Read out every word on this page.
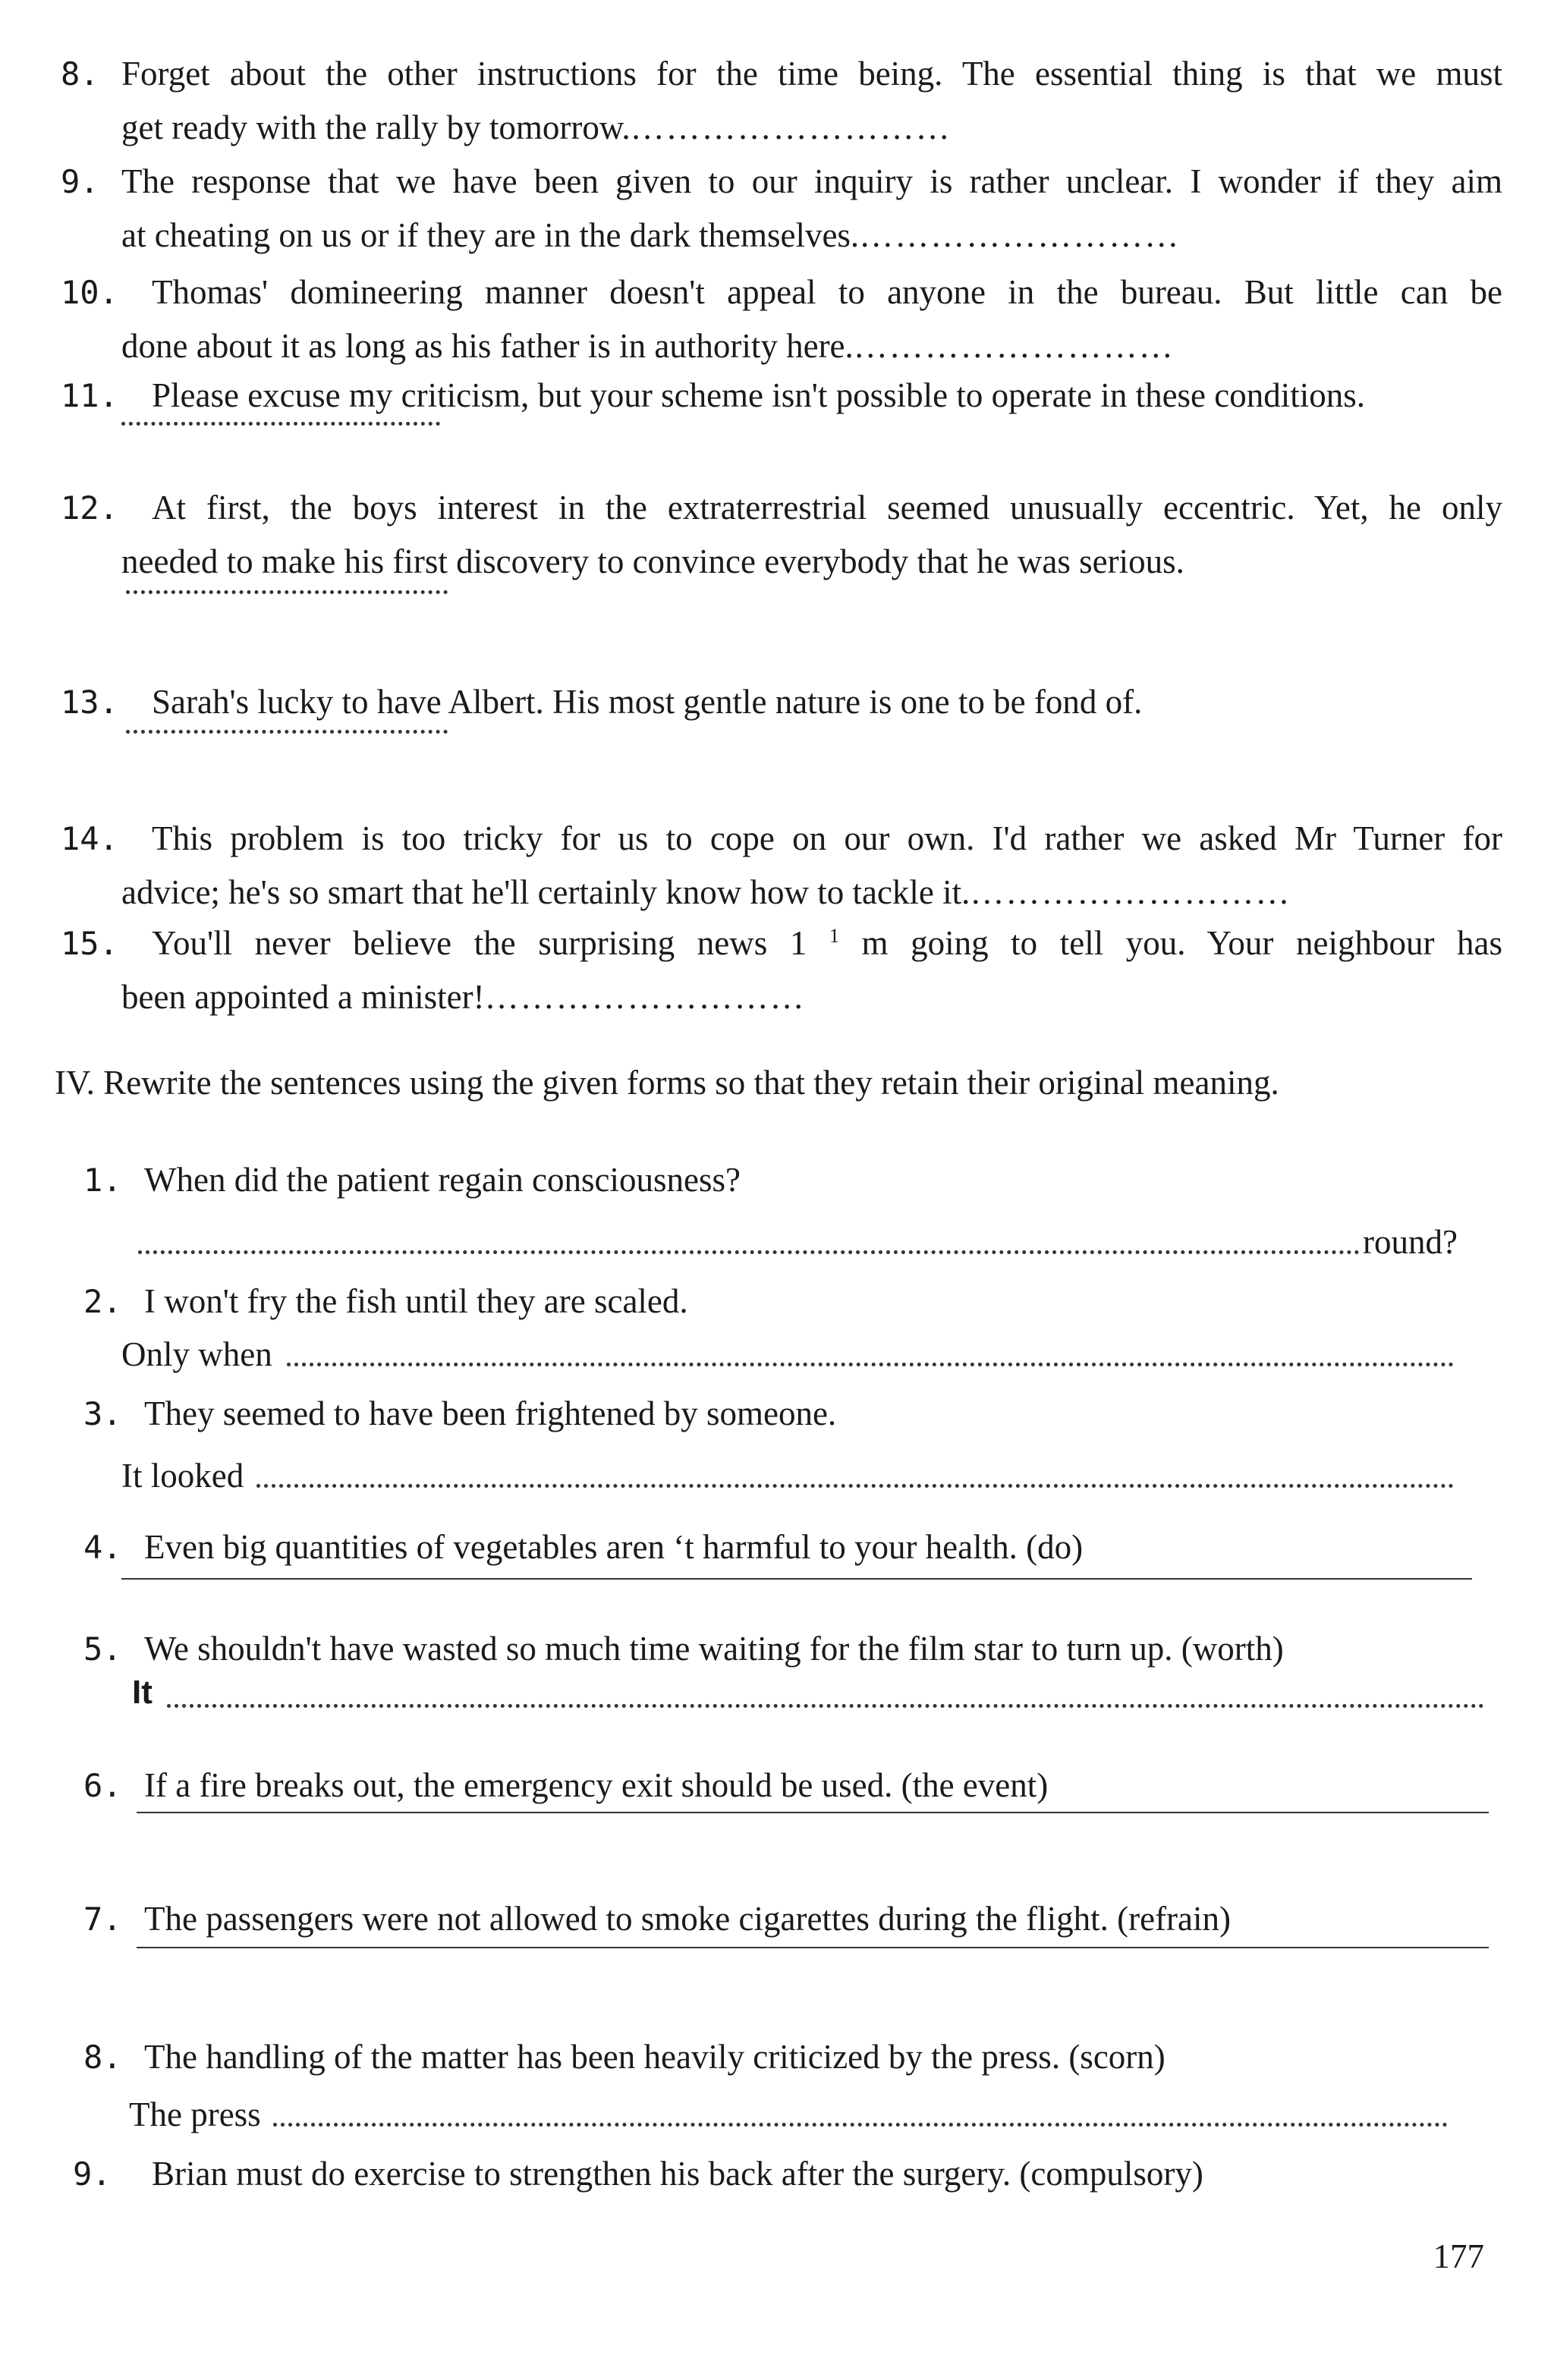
8. Forget about the other instructions for the time being. The essential thing is that we must
get ready with the rally by tomorrow.………………………
9. The response that we have been given to our inquiry is rather unclear. I wonder if they aim
at cheating on us or if they are in the dark themselves.………………………
10. Thomas' domineering manner doesn't appeal to anyone in the bureau. But little can be
done about it as long as his father is in authority here.………………………
11. Please excuse my criticism, but your scheme isn't possible to operate in these conditions.
12. At first, the boys interest in the extraterrestrial seemed unusually eccentric. Yet, he only
needed to make his first discovery to convince everybody that he was serious.
13. Sarah's lucky to have Albert. His most gentle nature is one to be fond of.
14. This problem is too tricky for us to cope on our own. I'd rather we asked Mr Turner for
advice; he's so smart that he'll certainly know how to tackle it.………………………
15. You'll never believe the surprising news 1 $^1$ m going to tell you. Your neighbour has
been appointed a minister!………………………
IV. Rewrite the sentences using the given forms so that they retain their original meaning.
1. When did the patient regain consciousness?
round?
2. I won't fry the fish until they are scaled.
Only when
3. They seemed to have been frightened by someone.
It looked
4. Even big quantities of vegetables aren ‘t harmful to your health. (do)
5. We shouldn't have wasted so much time waiting for the film star to turn up. (worth)
It
6. If a fire breaks out, the emergency exit should be used. (the event)
7. The passengers were not allowed to smoke cigarettes during the flight. (refrain)
8. The handling of the matter has been heavily criticized by the press. (scorn)
The press
9. Brian must do exercise to strengthen his back after the surgery. (compulsory)
177
